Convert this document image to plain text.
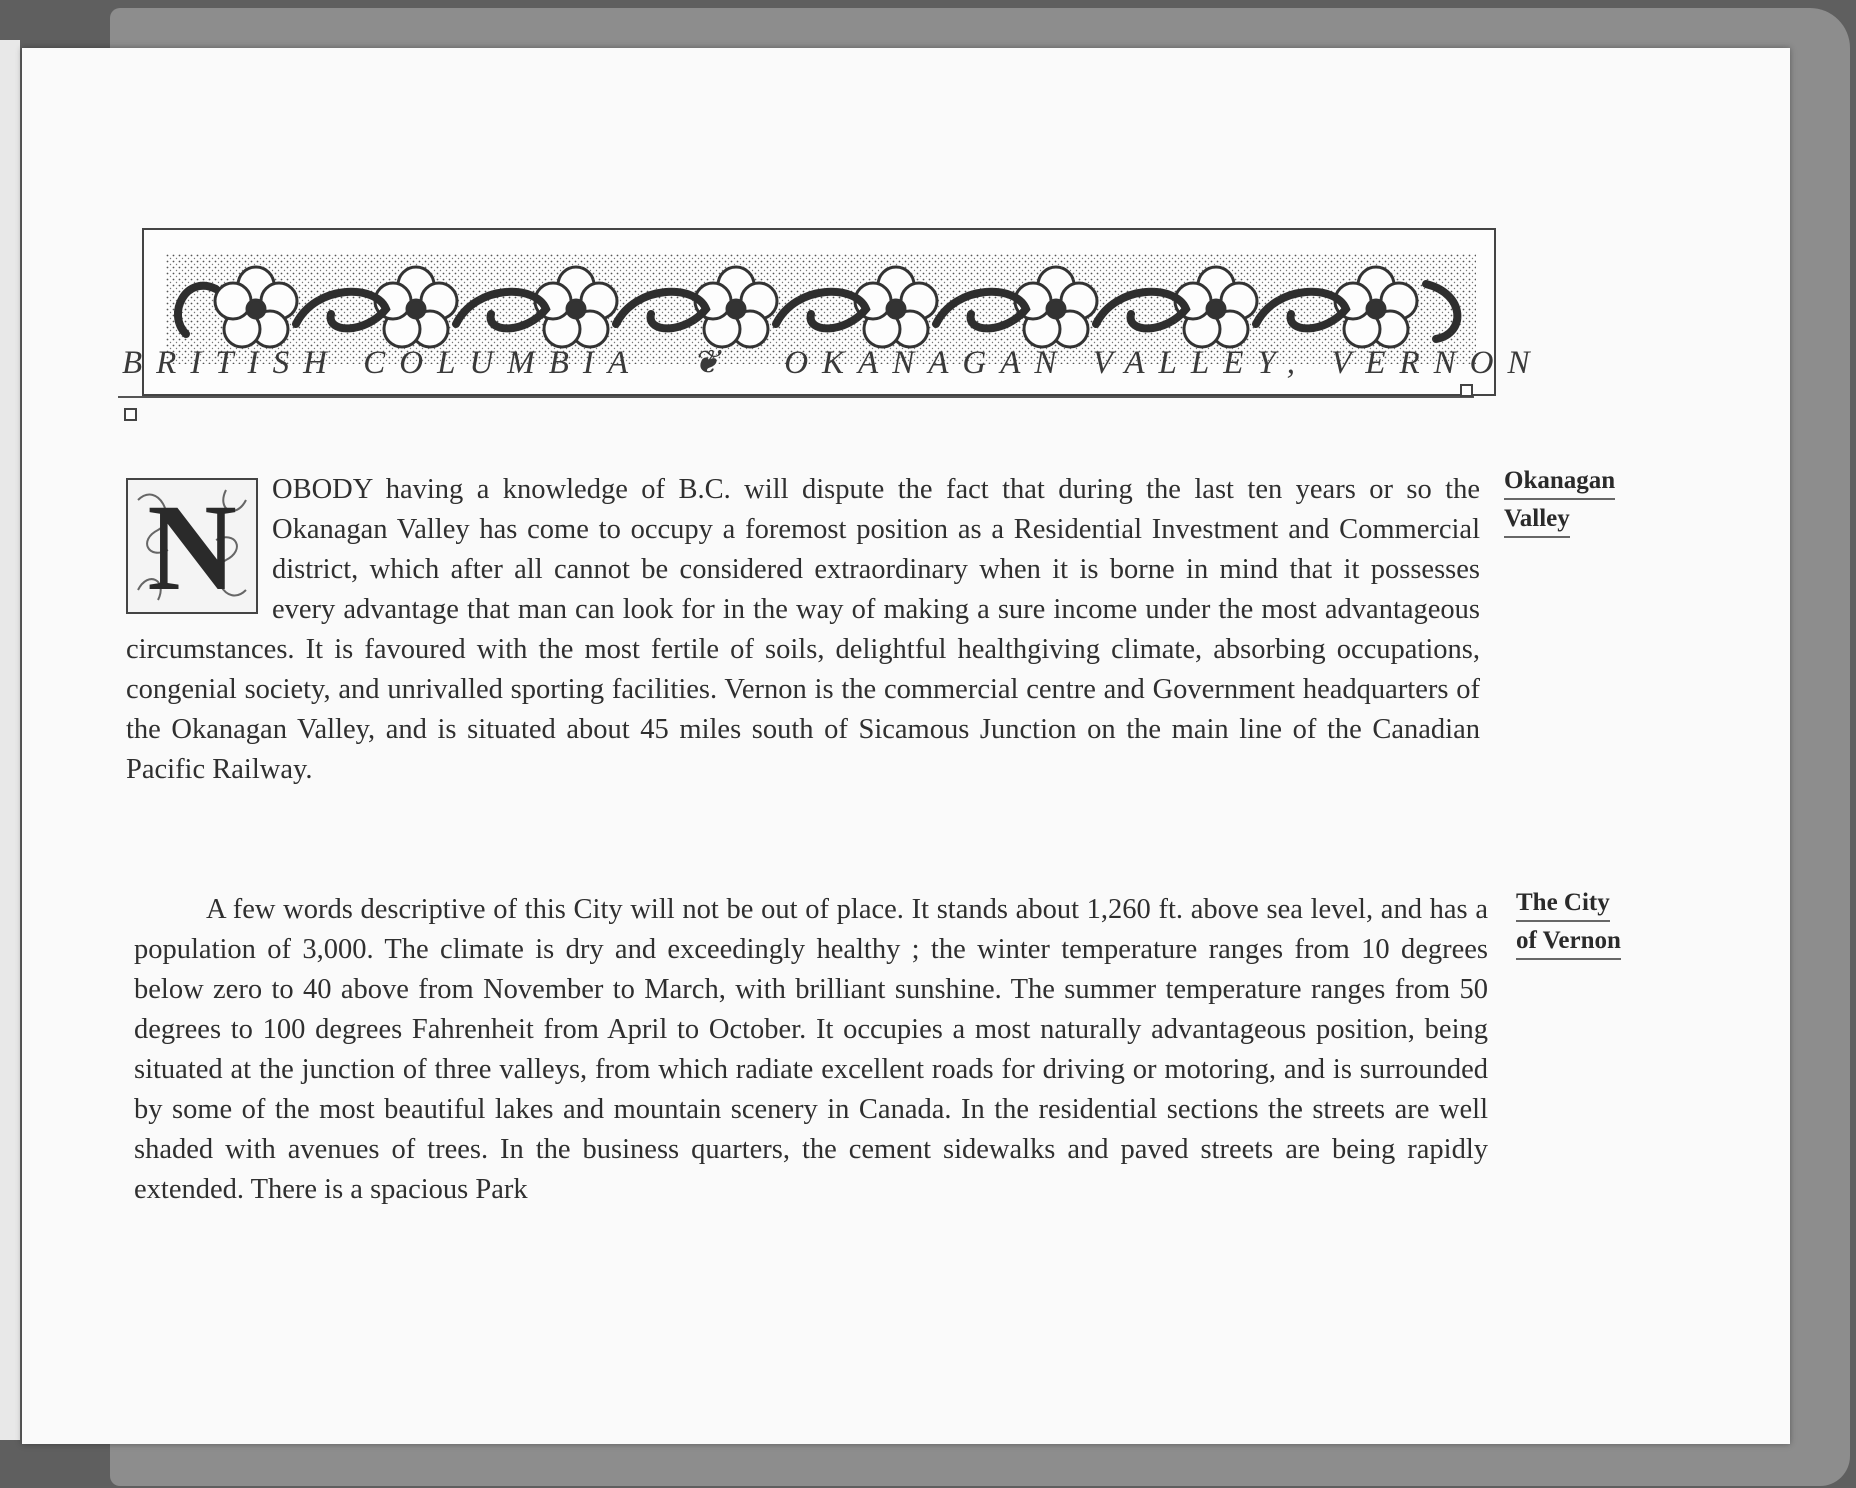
BRITISH COLUMBIA ❦ OKANAGAN VALLEY, VERNON
N	OBODY having a knowledge of B.C. will dispute the fact that during the last ten years or so the Okanagan Valley has come to occupy a foremost position as a Residential Investment and Commercial district, which after all cannot be considered extraordinary when it is borne in mind that it possesses every advantage that man can look for in the way of making a sure income under the most advantageous circumstances. It is favoured with the most fertile of soils, delightful healthgiving climate, absorbing occupations, congenial society, and unrivalled sporting facilities. Vernon is the commercial centre and Government headquarters of the Okanagan Valley, and is situated about 45 miles south of Sicamous Junction on the main line of the Canadian Pacific Railway.
A few words descriptive of this City will not be out of place. It stands about 1,260 ft. above sea level, and has a population of 3,000. The climate is dry and exceedingly healthy ; the winter temperature ranges from 10 degrees below zero to 40 above from November to March, with brilliant sunshine. The summer temperature ranges from 50 degrees to 100 degrees Fahrenheit from April to October. It occupies a most naturally advantageous position, being situated at the junction of three valleys, from which radiate excellent roads for driving or motoring, and is surrounded by some of the most beautiful lakes and mountain scenery in Canada. In the residential sections the streets are well shaded with avenues of trees. In the business quarters, the cement sidewalks and paved streets are being rapidly extended. There is a spacious Park
Okanagan
Valley
The City
of Vernon
